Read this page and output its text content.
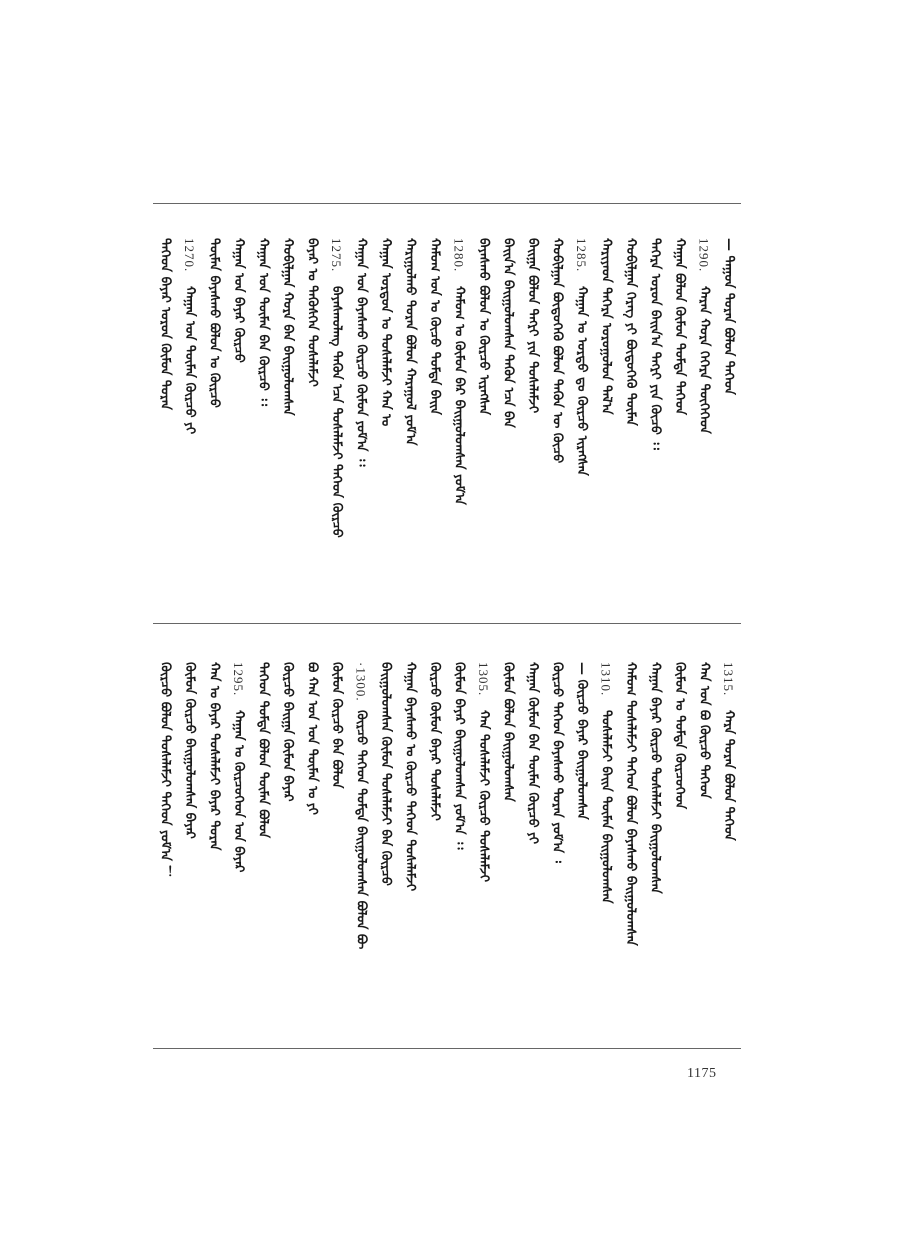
— ᠳᠠᠭᠤᠨ ᠳᠤᠷᠠᠨ ᠪᠣᠯᠤᠨ ᠲᠡᠭᠡᠳ
1290.
ᠬᠠᠷᠠᠨ ᠬᠤᠷᠠ ᠬᠡᠭᠡᠷᠡ ᠲᠦᠭᠡᠭᠡᠳ
ᠬᠠᠭᠠᠨ ᠪᠣᠯᠤᠨ ᠬᠦᠮᠦᠨ ᠳᠤᠮᠳᠠ ᠲᠡᠭᠡᠳ
ᠳᠡᠭᠡᠷᠡ ᠣᠷᠤᠨ ᠪᠠᠢᠨ᠎ᠠ ᠲᠡᠭᠷᠢ ᠶᠢᠨ ᠬᠦᠴᠦ ᠄᠄
ᠬᠤᠪᠢᠯᠭᠠᠨ ᠬᠡᠷᠡᠭ ᠶᠢ ᠪᠦᠲᠦᠭᠡᠬᠦ ᠲᠦᠮᠡᠨ
ᠬᠠᠷᠢᠶᠠᠳ ᠳᠡᠭᠡᠷᠡ ᠣᠷᠤᠭᠤᠯᠤᠨ ᠲᠠᠯ᠎ᠠ
1285.
ᠬᠠᠭᠠᠨ ᠤ ᠣᠷᠳᠤ ᠳᠤ ᠬᠦᠷᠴᠦ ᠢᠷᠡᠭᠰᠡᠨ
ᠬᠤᠪᠢᠯᠭᠠᠨ ᠪᠦᠲᠦᠭᠡᠬᠦ ᠪᠣᠯᠤᠨ ᠲᠡᠭᠦᠨ ᠦ ᠬᠦᠴᠦ
ᠪᠠᠢᠭᠠ ᠪᠣᠯᠤᠨ ᠲᠡᠭᠷᠢ ᠶᠢᠨ ᠲᠤᠰᠠᠯᠠᠮᠵᠢ
ᠪᠠᠢᠨ᠎ᠠ ᠪᠠᠢᠭᠤᠯᠤᠭᠰᠠᠨ ᠲᠡᠭᠦᠨ ᠡᠴᠡ ᠪᠠᠨ
ᠪᠠᠶᠠᠰᠬᠤ ᠪᠣᠯᠤᠨ ᠤ ᠬᠦᠷᠴᠦ ᠢᠷᠡᠭᠰᠡᠨ
1280.
ᠬᠠᠮᠤᠭ ᠤ ᠬᠦᠮᠦᠨ ᠪᠡᠷ ᠪᠠᠢᠭᠤᠯᠤᠭᠰᠠᠨ ᠶᠤᠮ᠎ᠠ
ᠬᠠᠮᠤᠭ ᠤᠨ ᠤ ᠬᠦᠴᠦ ᠳᠤᠮᠳᠠ ᠪᠠᠢᠨ
ᠬᠠᠷᠢᠭᠤᠯᠬᠤ ᠳᠤᠷᠠᠨ ᠪᠣᠯᠤᠨ ᠬᠠᠷᠠᠭᠤᠯ ᠶᠤᠮ᠎ᠠ
ᠬᠠᠭᠠᠨ ᠣᠷᠳᠤᠨ ᠤ ᠲᠤᠰᠠᠯᠠᠮᠵᠢ ᠬᠠᠨ ᠤ
ᠬᠠᠭᠠᠨ ᠤᠨ ᠪᠠᠶᠠᠰᠬᠤ ᠬᠦᠷᠴᠦ ᠬᠦᠮᠦᠨ ᠶᠤᠮ᠎ᠠ ᠄᠄
1275.
ᠪᠠᠶᠠᠰᠬᠤᠯᠠᠩ ᠲᠡᠭᠦᠨ ᠡᠴᠡ ᠲᠤᠰᠠᠯᠠᠮᠵᠢ ᠲᠡᠭᠡᠳ ᠬᠦᠷᠴᠦ
ᠪᠠᠶᠠᠷ ᠤ ᠲᠡᠭᠦᠰᠬᠡᠨ ᠲᠤᠰᠠᠯᠠᠮᠵᠢ
ᠬᠤᠪᠢᠯᠭᠠᠨ ᠬᠤᠷᠠ ᠪᠠᠨ ᠪᠠᠢᠭᠤᠯᠤᠭᠰᠠᠨ
ᠬᠠᠭᠠᠨ ᠤᠨ ᠲᠦᠮᠡᠨ ᠪᠠᠨ ᠬᠦᠷᠴᠦ ᠄᠄
ᠬᠠᠭᠠᠨ ᠤᠨ ᠪᠠᠶᠠᠷ ᠬᠦᠷᠴᠦ
ᠲᠦᠮᠡᠨ ᠪᠠᠶᠠᠰᠬᠤ ᠪᠣᠯᠤᠨ ᠤ ᠬᠦᠷᠴᠦ
1270.
ᠬᠠᠭᠠᠨ ᠤᠨ ᠲᠦᠮᠡᠨ ᠬᠦᠷᠴᠦ ᠶᠢ
ᠲᠡᠭᠡᠳ ᠪᠠᠶᠠᠷ ᠣᠷᠤᠨ ᠬᠦᠮᠦᠨ ᠳᠤᠷᠠᠨ
1315.
ᠬᠠᠷᠠ ᠳᠤᠷᠠᠨ ᠪᠣᠯᠤᠨ ᠲᠡᠭᠡᠳ
ᠬᠠᠨ ᠤᠨ ᠪᠣ ᠬᠦᠷᠴᠦ ᠲᠡᠭᠡᠳ
ᠬᠦᠮᠦᠨ ᠤ ᠳᠤᠮᠳᠠ ᠬᠦᠷᠴᠦᠭᠡᠳ
ᠬᠠᠭᠠᠨ ᠪᠠᠶᠠᠷ ᠬᠦᠷᠴᠦ ᠲᠤᠰᠠᠯᠠᠮᠵᠢ ᠪᠠᠢᠭᠤᠯᠤᠭᠰᠠᠨ
ᠬᠠᠮᠤᠭ ᠲᠤᠰᠠᠯᠠᠮᠵᠢ ᠲᠡᠭᠡᠳ ᠪᠣᠯᠤᠨ ᠪᠠᠶᠠᠰᠬᠤ ᠪᠠᠢᠭᠤᠯᠤᠭᠰᠠᠨ
1310.
ᠲᠤᠰᠠᠯᠠᠮᠵᠢ ᠪᠠᠢᠨ ᠲᠦᠮᠡᠨ ᠪᠠᠢᠭᠤᠯᠤᠭᠰᠠᠨ
— ᠬᠦᠷᠴᠦ ᠪᠠᠶᠠᠷ ᠪᠠᠢᠭᠤᠯᠤᠭᠰᠠᠨ
ᠬᠦᠷᠴᠦ ᠲᠡᠭᠡᠳ ᠪᠠᠶᠠᠰᠬᠤ ᠳᠤᠷᠠᠨ ᠶᠤᠮ᠎ᠠ ᠄
ᠬᠠᠭᠠᠨ ᠬᠦᠮᠦᠨ ᠪᠠᠨ ᠲᠦᠮᠡᠨ ᠬᠦᠷᠴᠦ ᠶᠢ
ᠬᠦᠮᠦᠨ ᠪᠣᠯᠤᠨ ᠪᠠᠢᠭᠤᠯᠤᠭᠰᠠᠨ
1305.
ᠬᠠᠨ ᠲᠤᠰᠠᠯᠠᠮᠵᠢ ᠬᠦᠷᠴᠦ ᠲᠤᠰᠠᠯᠠᠮᠵᠢ
ᠬᠦᠮᠦᠨ ᠪᠠᠶᠠᠷ ᠪᠠᠢᠭᠤᠯᠤᠭᠰᠠᠨ ᠶᠤᠮ᠎ᠠ ᠄᠄
ᠬᠦᠷᠴᠦ ᠬᠦᠮᠦᠨ ᠪᠠᠶᠠᠷ ᠲᠤᠰᠠᠯᠠᠮᠵᠢ
ᠬᠠᠭᠠᠨ ᠪᠠᠶᠠᠰᠬᠤ ᠤ ᠬᠦᠷᠴᠦ ᠲᠡᠭᠡᠳ ᠲᠤᠰᠠᠯᠠᠮᠵᠢ
ᠪᠠᠢᠭᠤᠯᠤᠭᠰᠠᠨ ᠬᠦᠮᠦᠨ ᠲᠤᠰᠠᠯᠠᠮᠵᠢ ᠪᠠᠨ ᠬᠦᠷᠴᠦ
·1300.
ᠬᠦᠷᠴᠦ ᠲᠡᠭᠡᠳ ᠳᠤᠮᠳᠠ ᠪᠠᠢᠭᠤᠯᠤᠭᠰᠠᠨ ᠪᠣᠯᠤᠨ ᠪᠦ
ᠬᠦᠮᠦᠨ ᠬᠦᠷᠴᠦ ᠪᠠᠨ ᠪᠣᠯᠤᠨ
ᠪᠣ ᠬᠠᠨ ᠤᠨ ᠤᠨ ᠲᠦᠮᠡᠨ ᠤ ᠶᠢ
ᠬᠦᠷᠴᠦ ᠪᠠᠢᠭᠠ ᠬᠦᠮᠦᠨ ᠪᠠᠶᠠᠷ
ᠲᠡᠭᠡᠳ ᠳᠤᠮᠳᠠ ᠪᠣᠯᠤᠨ ᠲᠦᠮᠡᠨ ᠪᠣᠯᠤᠨ
1295.
ᠬᠠᠭᠠᠨ ᠤ ᠬᠦᠷᠴᠦᠭᠡᠳ ᠤᠨ ᠪᠠᠶᠠᠷ
ᠬᠠᠨ ᠤ ᠪᠠᠶᠠᠷ ᠲᠤᠰᠠᠯᠠᠮᠵᠢ ᠪᠠᠶᠠᠷ ᠳᠤᠷᠠᠨ
ᠬᠦᠮᠦᠨ ᠬᠦᠷᠴᠦ ᠪᠠᠢᠭᠤᠯᠤᠭᠰᠠᠨ ᠪᠠᠶᠠᠷ
ᠬᠦᠷᠴᠦ ᠪᠣᠯᠤᠨ ᠲᠤᠰᠠᠯᠠᠮᠵᠢ ᠲᠡᠭᠡᠳ ᠶᠤᠮ᠎ᠠ ！
1175
